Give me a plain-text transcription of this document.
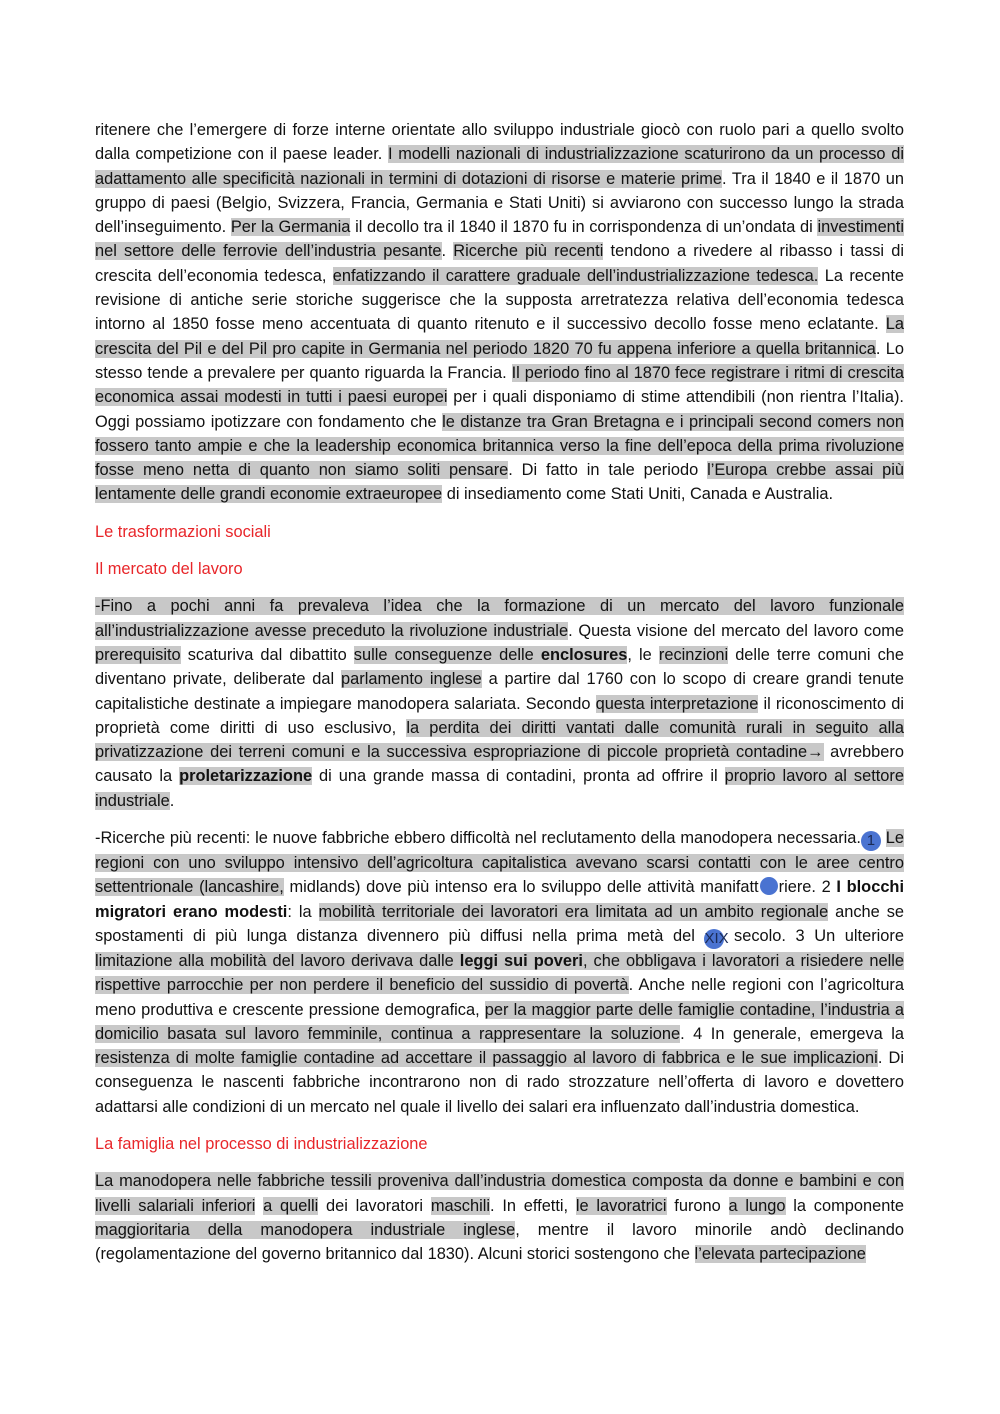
ritenere che l’emergere di forze interne orientate allo sviluppo industriale giocò con ruolo pari a quello svolto dalla competizione con il paese leader. I modelli nazionali di industrializzazione scaturirono da un processo di adattamento alle specificità nazionali in termini di dotazioni di risorse e materie prime. Tra il 1840 e il 1870 un gruppo di paesi (Belgio, Svizzera, Francia, Germania e Stati Uniti) si avviarono con successo lungo la strada dell’inseguimento. Per la Germania il decollo tra il 1840 il 1870 fu in corrispondenza di un’ondata di investimenti nel settore delle ferrovie dell’industria pesante. Ricerche più recenti tendono a rivedere al ribasso i tassi di crescita dell’economia tedesca, enfatizzando il carattere graduale dell’industrializzazione tedesca. La recente revisione di antiche serie storiche suggerisce che la supposta arretratezza relativa dell’economia tedesca intorno al 1850 fosse meno accentuata di quanto ritenuto e il successivo decollo fosse meno eclatante. La crescita del Pil e del Pil pro capite in Germania nel periodo 1820 70 fu appena inferiore a quella britannica. Lo stesso tende a prevalere per quanto riguarda la Francia. Il periodo fino al 1870 fece registrare i ritmi di crescita economica assai modesti in tutti i paesi europei per i quali disponiamo di stime attendibili (non rientra l’Italia). Oggi possiamo ipotizzare con fondamento che le distanze tra Gran Bretagna e i principali second comers non fossero tanto ampie e che la leadership economica britannica verso la fine dell’epoca della prima rivoluzione fosse meno netta di quanto non siamo soliti pensare. Di fatto in tale periodo l’Europa crebbe assai più lentamente delle grandi economie extraeuropee di insediamento come Stati Uniti, Canada e Australia.

Le trasformazioni sociali

Il mercato del lavoro

-Fino a pochi anni fa prevaleva l’idea che la formazione di un mercato del lavoro funzionale all’industrializzazione avesse preceduto la rivoluzione industriale. Questa visione del mercato del lavoro come prerequisito scaturiva dal dibattito sulle conseguenze delle enclosures, le recinzioni delle terre comuni che diventano private, deliberate dal parlamento inglese a partire dal 1760 con lo scopo di creare grandi tenute capitalistiche destinate a impiegare manodopera salariata. Secondo questa interpretazione il riconoscimento di proprietà come diritti di uso esclusivo, la perdita dei diritti vantati dalle comunità rurali in seguito alla privatizzazione dei terreni comuni e la successiva espropriazione di piccole proprietà contadine→ avrebbero causato la proletarizzazione di una grande massa di contadini, pronta ad offrire il proprio lavoro al settore industriale.

-Ricerche più recenti: le nuove fabbriche ebbero difficoltà nel reclutamento della manodopera necessaria. 1 Le regioni con uno sviluppo intensivo dell’agricoltura capitalistica avevano scarsi contatti con le aree centro settentrionale (lancashire, midlands) dove più intenso era lo sviluppo delle attività manifatt riere. 2 I blocchi migratori erano modesti: la mobilità territoriale dei lavoratori era limitata ad un ambito regionale anche se spostamenti di più lunga distanza divennero più diffusi nella prima metà del XIX secolo. 3 Un ulteriore limitazione alla mobilità del lavoro derivava dalle leggi sui poveri, che obbligava i lavoratori a risiedere nelle rispettive parrocchie per non perdere il beneficio del sussidio di povertà. Anche nelle regioni con l’agricoltura meno produttiva e crescente pressione demografica, per la maggior parte delle famiglie contadine, l’industria a domicilio basata sul lavoro femminile, continua a rappresentare la soluzione. 4 In generale, emergeva la resistenza di molte famiglie contadine ad accettare il passaggio al lavoro di fabbrica e le sue implicazioni. Di conseguenza le nascenti fabbriche incontrarono non di rado strozzature nell’offerta di lavoro e dovettero adattarsi alle condizioni di un mercato nel quale il livello dei salari era influenzato dall’industria domestica.

La famiglia nel processo di industrializzazione

La manodopera nelle fabbriche tessili proveniva dall’industria domestica composta da donne e bambini e con livelli salariali inferiori a quelli dei lavoratori maschili. In effetti, le lavoratrici furono a lungo la componente maggioritaria della manodopera industriale inglese, mentre il lavoro minorile andò declinando (regolamentazione del governo britannico dal 1830). Alcuni storici sostengono che l’elevata partecipazione
